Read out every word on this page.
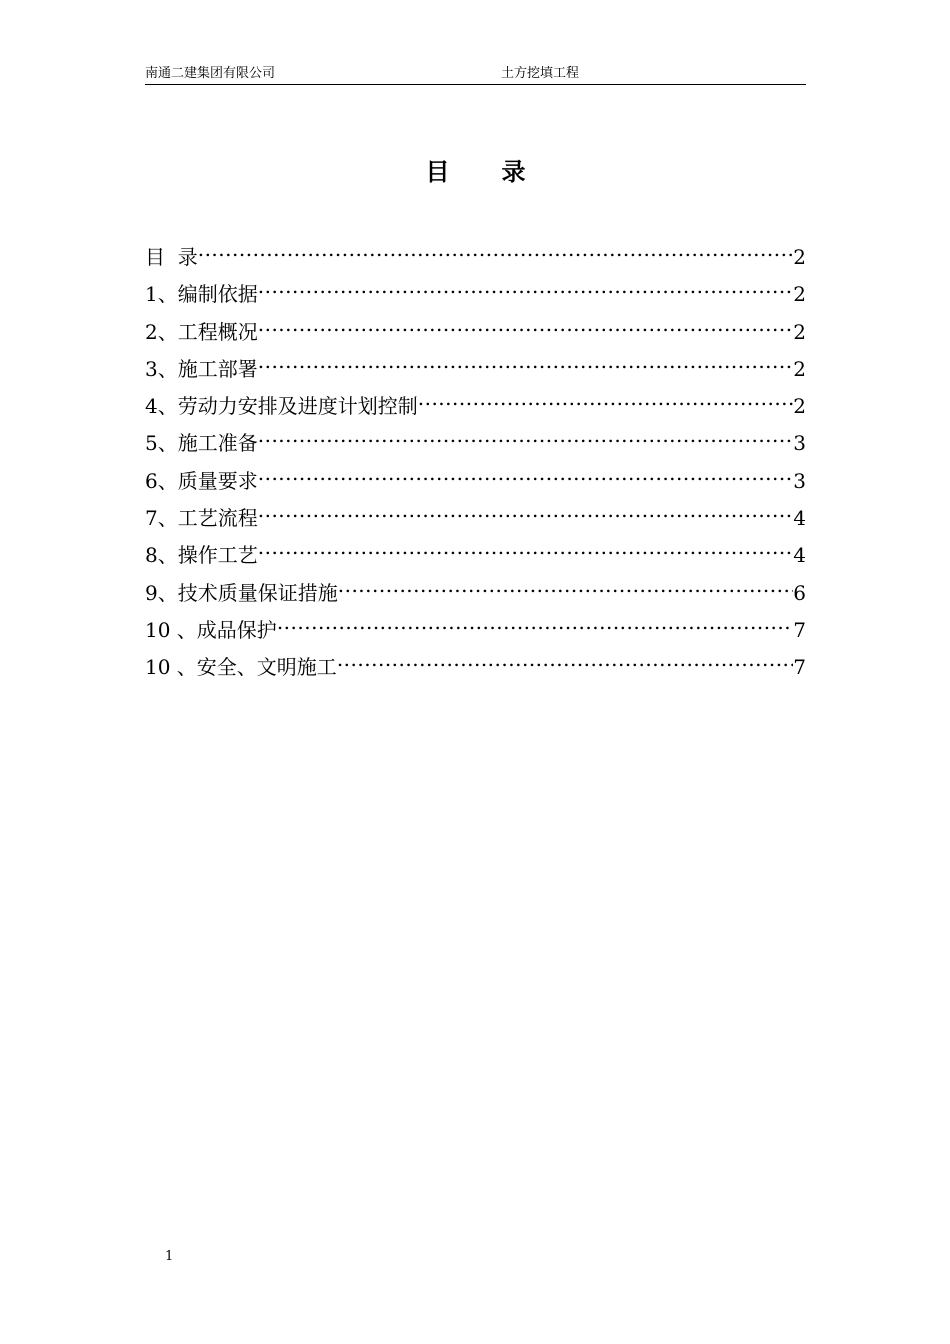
南通二建集团有限公司	土方挖填工程
目录
目  录 .....	2
1、编制依据 .....	2
2、工程概况 .....	2
3、施工部署 .....	2
4、劳动力安排及进度计划控制 .....	2
5、施工准备 .....	3
6、质量要求 .....	3
7、工艺流程 .....	4
8、操作工艺 .....	4
9、技术质量保证措施 .....	6
10 、成品保护 .....	7
10 、安全、文明施工 .....	7
1
